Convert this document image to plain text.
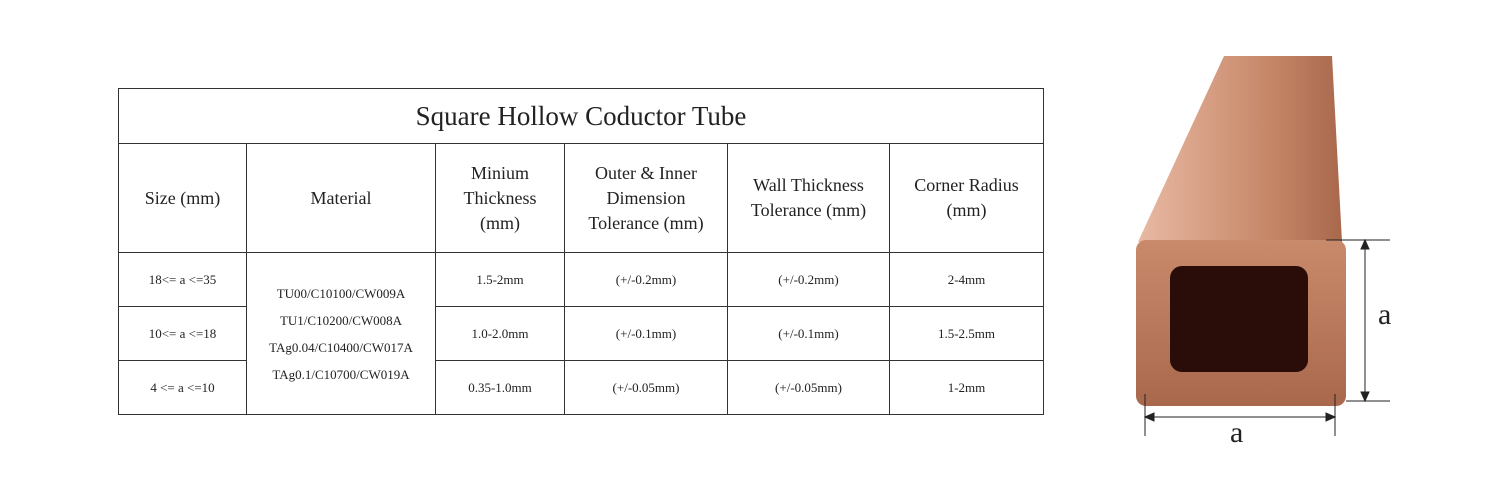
Square Hollow Coductor Tube					
Size (mm)	Material	Minium
Thickness
(mm)	Outer & Inner
Dimension
Tolerance (mm)	Wall Thickness
Tolerance (mm)	Corner Radius
(mm)
18<= a <=35	TU00/C10100/CW009A
TU1/C10200/CW008A
TAg0.04/C10400/CW017A
TAg0.1/C10700/CW019A	1.5-2mm	(+/-0.2mm)	(+/-0.2mm)	2-4mm
10<= a <=18		1.0-2.0mm	(+/-0.1mm)	(+/-0.1mm)	1.5-2.5mm
4 <= a <=10		0.35-1.0mm	(+/-0.05mm)	(+/-0.05mm)	1-2mm
a
a
